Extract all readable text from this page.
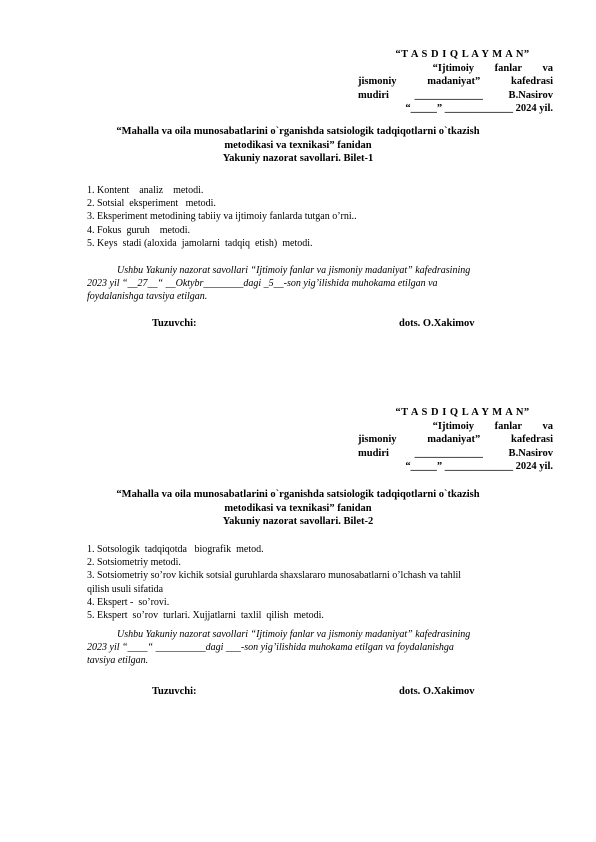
“T A S D I Q L A Y M A N”
“Ijtimoiy fanlar va
jismoniy madaniyat” kafedrasi
mudiri _____________ B.Nasirov
“_____” _____________ 2024 yil.
“Mahalla va oila munosabatlarini o`rganishda satsiologik tadqiqotlarni o`tkazish
metodikasi va texnikasi” fanidan
Yakuniy nazorat savollari. Bilet-1
1. Kontent    analiz    metodi.
2. Sotsial  eksperiment   metodi.
3. Eksperiment metodining tabiiy va ijtimoiy fanlarda tutgan o’rni..
4. Fokus  guruh    metodi.
5. Keys  stadi (aloxida  jamolarni  tadqiq  etish)  metodi.
Ushbu Yakuniy nazorat savollari “Ijtimoiy fanlar va jismoniy madaniyat” kafedrasining
2023 yil “__27__“ __Oktybr________dagi _5__-son yig’ilishida muhokama etilgan va
foydalanishga tavsiya etilgan.
Tuzuvchi:	dots. O.Xakimov
“T A S D I Q L A Y M A N”
“Ijtimoiy fanlar va
jismoniy madaniyat” kafedrasi
mudiri _____________ B.Nasirov
“_____” _____________ 2024 yil.
“Mahalla va oila munosabatlarini o`rganishda satsiologik tadqiqotlarni o`tkazish
metodikasi va texnikasi” fanidan
Yakuniy nazorat savollari. Bilet-2
1. Sotsologik  tadqiqotda   biografik  metod.
2. Sotsiometriy metodi.
3. Sotsiometriy so’rov kichik sotsial guruhlarda shaxslararo munosabatlarni o’lchash va tahlil
qilish usuli sifatida
4. Ekspert -  so’rovi.
5. Ekspert  so’rov  turlari. Xujjatlarni  taxlil  qilish  metodi.
Ushbu Yakuniy nazorat savollari “Ijtimoiy fanlar va jismoniy madaniyat” kafedrasining
2023 yil “____“ __________dagi ___-son yig’ilishida muhokama etilgan va foydalanishga
tavsiya etilgan.
Tuzuvchi:	dots. O.Xakimov
